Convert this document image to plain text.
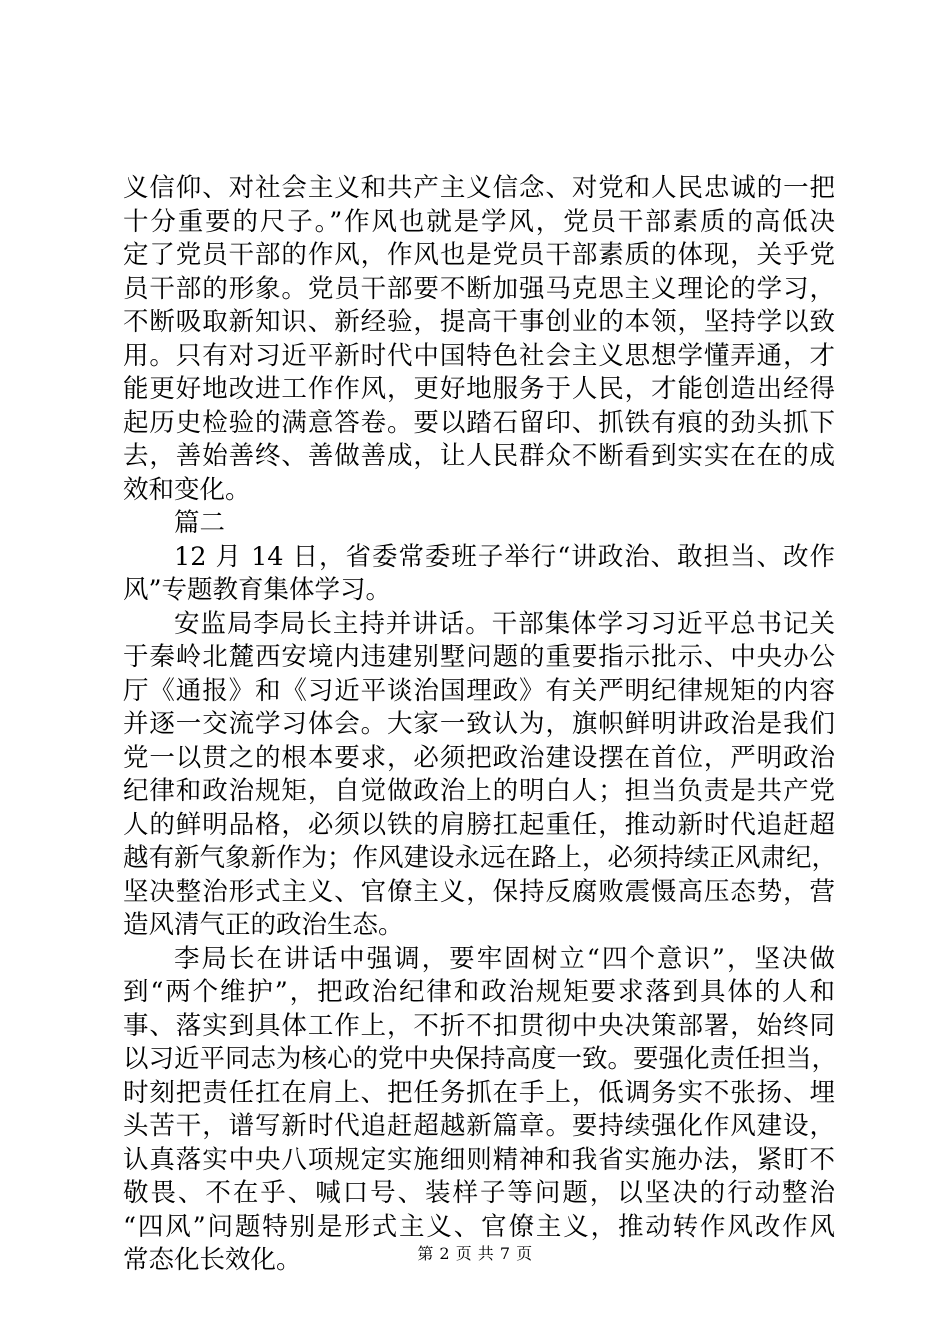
义信仰、对社会主义和共产主义信念、对党和人民忠诚的一把
十分重要的尺子。”作风也就是学风，党员干部素质的高低决
定了党员干部的作风，作风也是党员干部素质的体现，关乎党
员干部的形象。党员干部要不断加强马克思主义理论的学习，
不断吸取新知识、新经验，提高干事创业的本领，坚持学以致
用。只有对习近平新时代中国特色社会主义思想学懂弄通，才
能更好地改进工作作风，更好地服务于人民，才能创造出经得
起历史检验的满意答卷。要以踏石留印、抓铁有痕的劲头抓下
去，善始善终、善做善成，让人民群众不断看到实实在在的成
效和变化。
篇二
12 月 14 日，省委常委班子举行“讲政治、敢担当、改作
风”专题教育集体学习。
安监局李局长主持并讲话。干部集体学习习近平总书记关
于秦岭北麓西安境内违建别墅问题的重要指示批示、中央办公
厅《通报》和《习近平谈治国理政》有关严明纪律规矩的内容
并逐一交流学习体会。大家一致认为，旗帜鲜明讲政治是我们
党一以贯之的根本要求，必须把政治建设摆在首位，严明政治
纪律和政治规矩，自觉做政治上的明白人；担当负责是共产党
人的鲜明品格，必须以铁的肩膀扛起重任，推动新时代追赶超
越有新气象新作为；作风建设永远在路上，必须持续正风肃纪，
坚决整治形式主义、官僚主义，保持反腐败震慑高压态势，营
造风清气正的政治生态。
李局长在讲话中强调，要牢固树立“四个意识”，坚决做
到“两个维护”，把政治纪律和政治规矩要求落到具体的人和
事、落实到具体工作上，不折不扣贯彻中央决策部署，始终同
以习近平同志为核心的党中央保持高度一致。要强化责任担当，
时刻把责任扛在肩上、把任务抓在手上，低调务实不张扬、埋
头苦干，谱写新时代追赶超越新篇章。要持续强化作风建设，
认真落实中央八项规定实施细则精神和我省实施办法，紧盯不
敬畏、不在乎、喊口号、装样子等问题，以坚决的行动整治
“四风”问题特别是形式主义、官僚主义，推动转作风改作风
常态化长效化。	第 2 页 共 7 页
